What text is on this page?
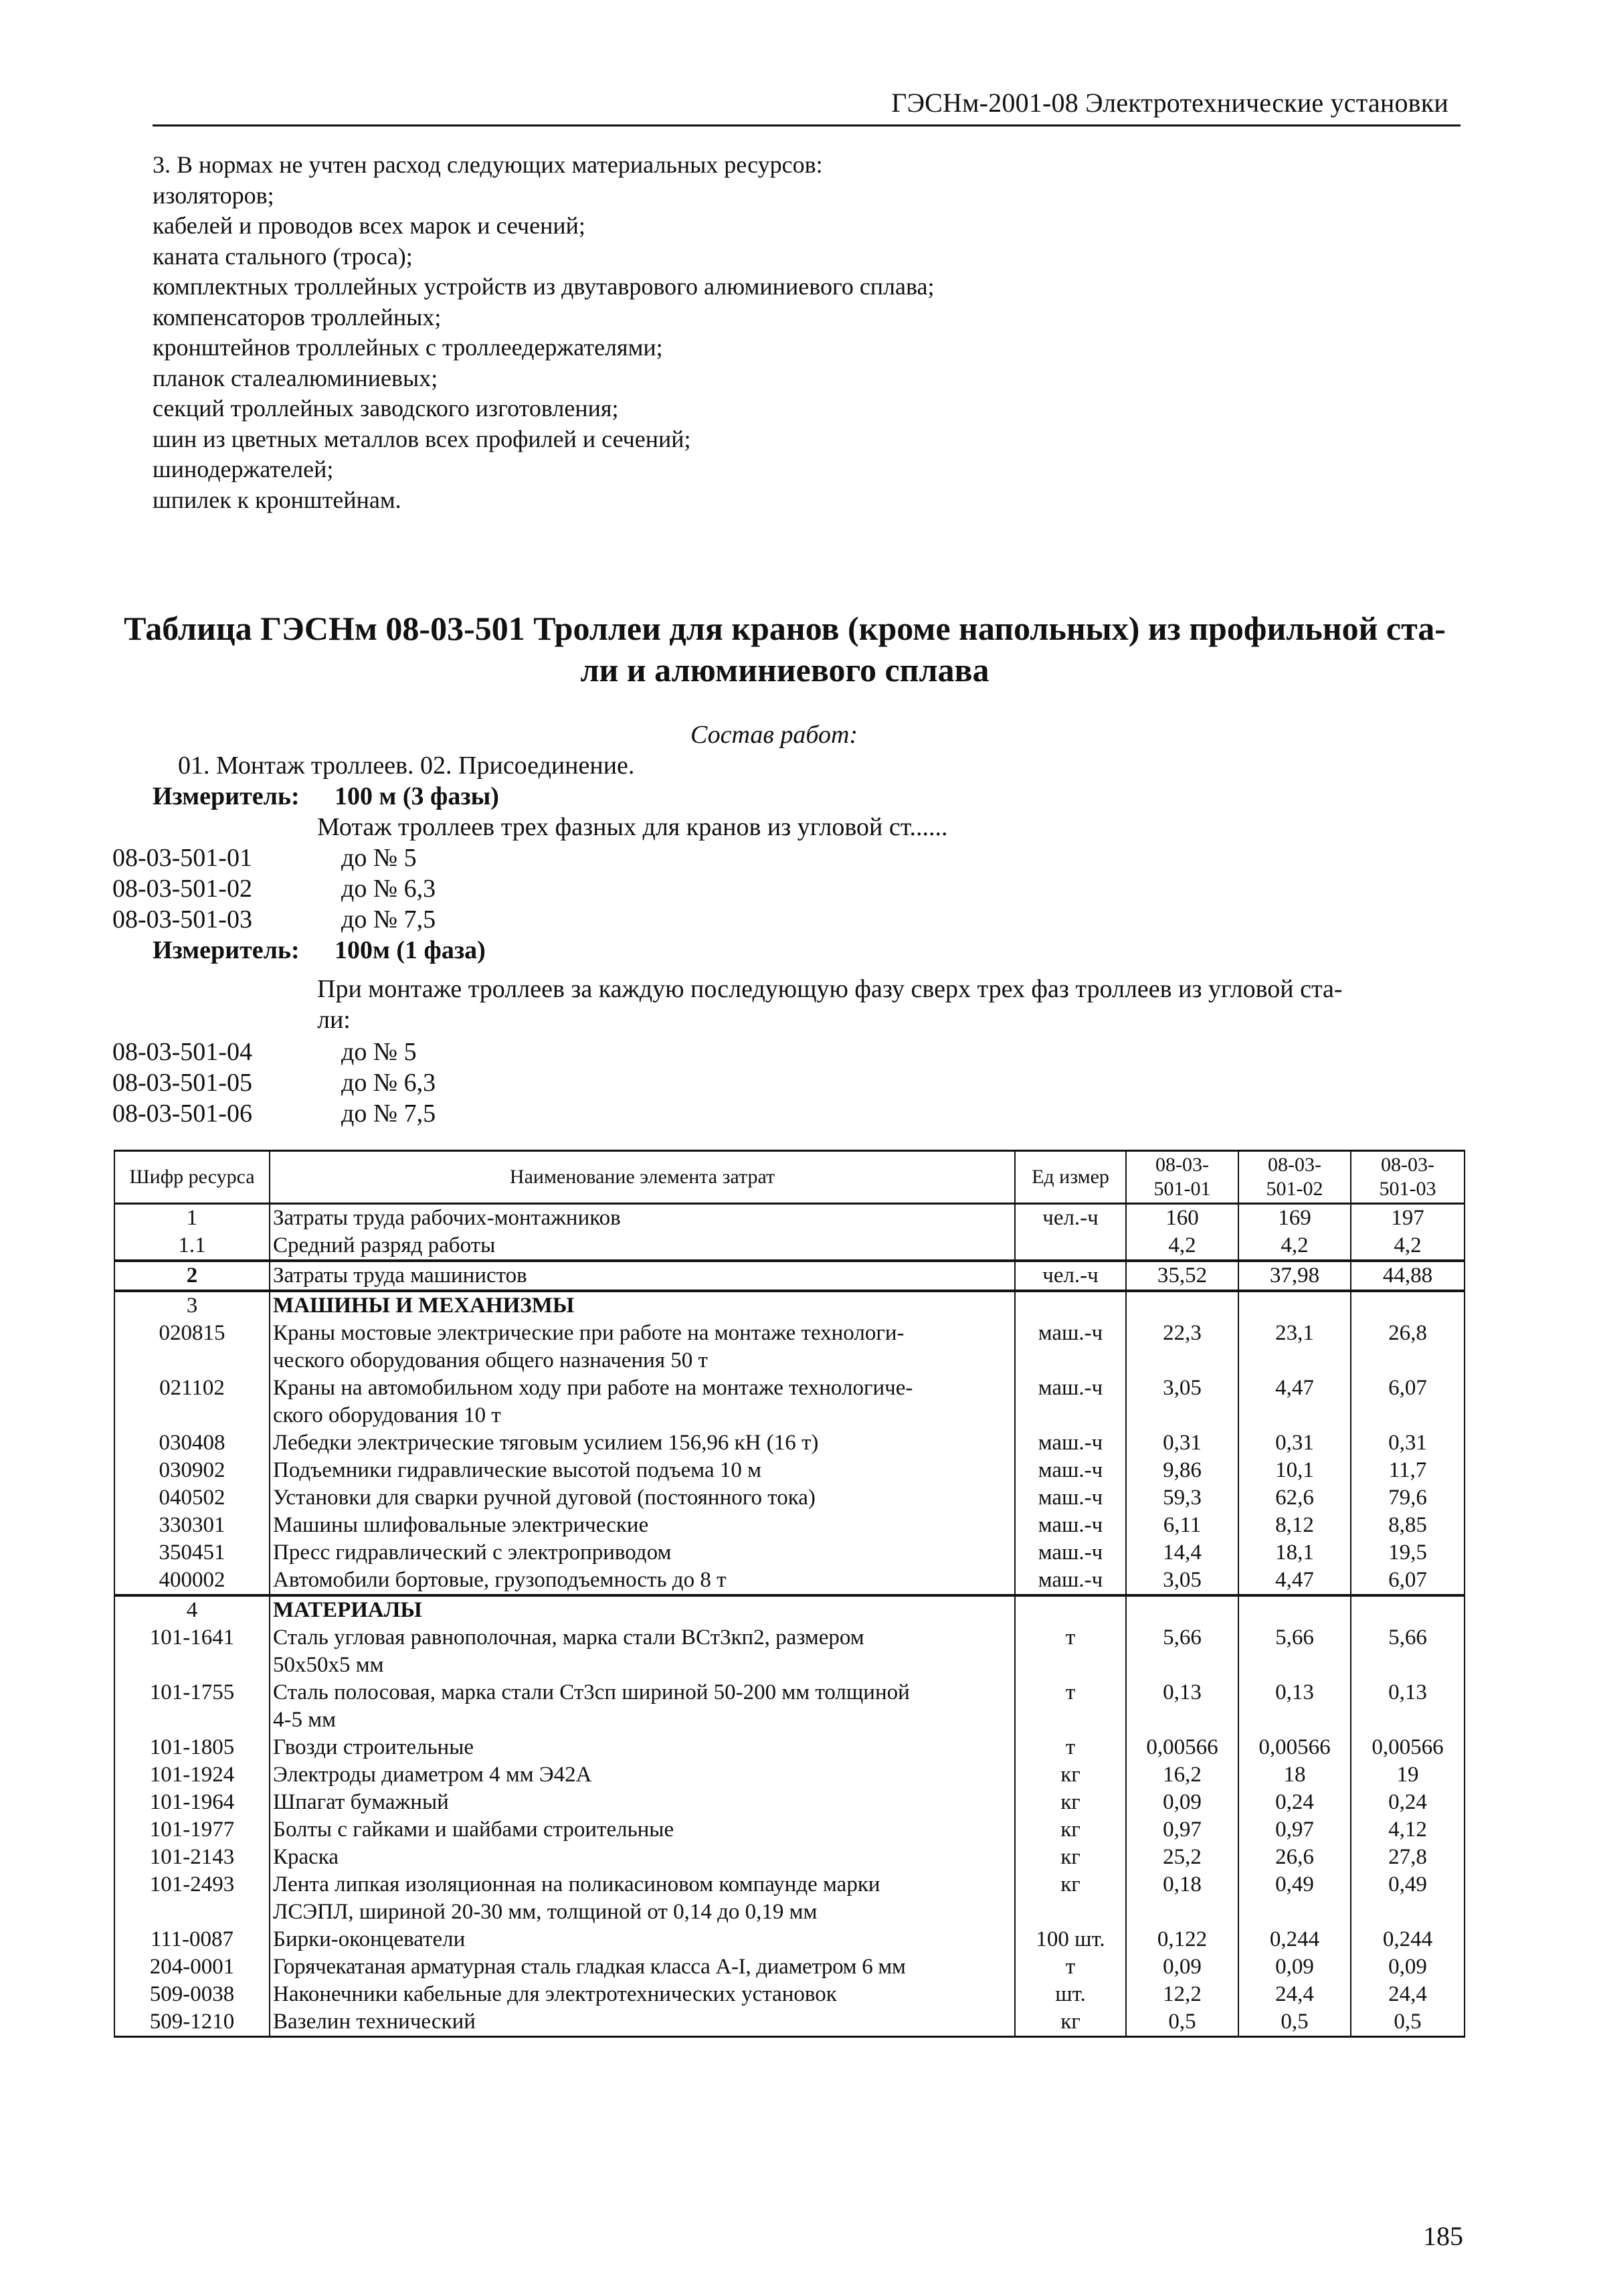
ГЭСНм-2001-08 Электротехнические установки
3. В нормах не учтен расход следующих материальных ресурсов:
изоляторов;
кабелей и проводов всех марок и сечений;
каната стального (троса);
комплектных троллейных устройств из двутаврового алюминиевого сплава;
компенсаторов троллейных;
кронштейнов троллейных с троллеедержателями;
планок сталеалюминиевых;
секций троллейных заводского изготовления;
шин из цветных металлов всех профилей и сечений;
шинодержателей;
шпилек к кронштейнам.
Таблица ГЭСНм 08-03-501 Троллеи для кранов (кроме напольных) из профильной ста-
ли и алюминиевого сплава
Состав работ:
01. Монтаж троллеев. 02. Присоединение.
Измеритель: 100 м (3 фазы)
Мотаж троллеев трех фазных для кранов из угловой ст......
08-03-501-01	до № 5
08-03-501-02	до № 6,3
08-03-501-03	до № 7,5
Измеритель: 100м (1 фаза)
При монтаже троллеев за каждую последующую фазу сверх трех фаз троллеев из угловой ста-
ли:
08-03-501-04	до № 5
08-03-501-05	до № 6,3
08-03-501-06	до № 7,5
Шифр ресурса	Наименование элемента затрат	Ед измер	08-03-
501-01	08-03-
501-02	08-03-
501-03
1	Затраты труда рабочих-монтажников	чел.-ч	160	169	197
1.1	Средний разряд работы		4,2	4,2	4,2
2	Затраты труда машинистов	чел.-ч	35,52	37,98	44,88
3	МАШИНЫ И МЕХАНИЗМЫ				
020815	Краны мостовые электрические при работе на монтаже технологи-
ческого оборудования общего назначения 50 т	маш.-ч	22,3	23,1	26,8
021102	Краны на автомобильном ходу при работе на монтаже технологиче-
ского оборудования 10 т	маш.-ч	3,05	4,47	6,07
030408	Лебедки электрические тяговым усилием 156,96 кН (16 т)	маш.-ч	0,31	0,31	0,31
030902	Подъемники гидравлические высотой подъема 10 м	маш.-ч	9,86	10,1	11,7
040502	Установки для сварки ручной дуговой (постоянного тока)	маш.-ч	59,3	62,6	79,6
330301	Машины шлифовальные электрические	маш.-ч	6,11	8,12	8,85
350451	Пресс гидравлический с электроприводом	маш.-ч	14,4	18,1	19,5
400002	Автомобили бортовые, грузоподъемность до 8 т	маш.-ч	3,05	4,47	6,07
4	МАТЕРИАЛЫ				
101-1641	Сталь угловая равнополочная, марка стали ВСт3кп2, размером
50х50х5 мм	т	5,66	5,66	5,66
101-1755	Сталь полосовая, марка стали Ст3сп шириной 50-200 мм толщиной
4-5 мм	т	0,13	0,13	0,13
101-1805	Гвозди строительные	т	0,00566	0,00566	0,00566
101-1924	Электроды диаметром 4 мм Э42А	кг	16,2	18	19
101-1964	Шпагат бумажный	кг	0,09	0,24	0,24
101-1977	Болты с гайками и шайбами строительные	кг	0,97	0,97	4,12
101-2143	Краска	кг	25,2	26,6	27,8
101-2493	Лента липкая изоляционная на поликасиновом компаунде марки
ЛСЭПЛ, шириной 20-30 мм, толщиной от 0,14 до 0,19 мм	кг	0,18	0,49	0,49
111-0087	Бирки-оконцеватели	100 шт.	0,122	0,244	0,244
204-0001	Горячекатаная арматурная сталь гладкая класса А-I, диаметром 6 мм	т	0,09	0,09	0,09
509-0038	Наконечники кабельные для электротехнических установок	шт.	12,2	24,4	24,4
509-1210	Вазелин технический	кг	0,5	0,5	0,5
185
